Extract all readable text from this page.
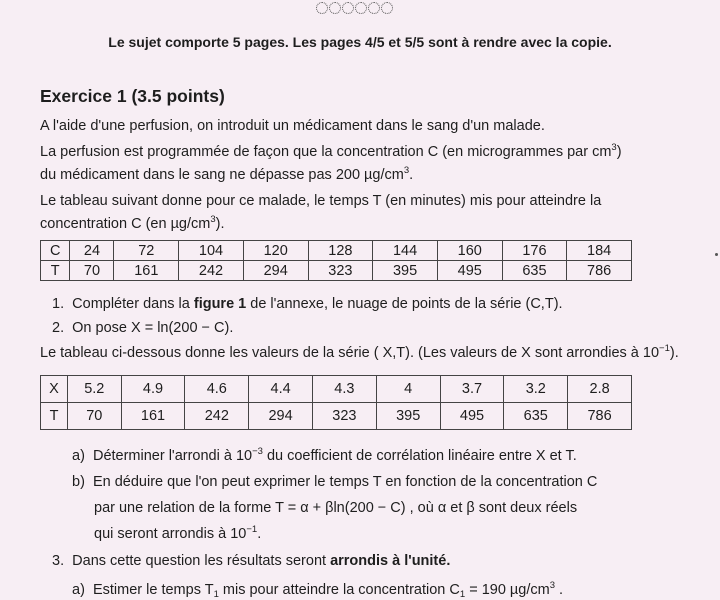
Le sujet comporte 5 pages. Les pages 4/5 et 5/5 sont à rendre avec la copie.
Exercice 1 (3.5 points)
A l'aide d'une perfusion, on introduit un médicament dans le sang d'un malade.
La perfusion est programmée de façon que la concentration C (en microgrammes par $cm^3$)
du médicament dans le sang ne dépasse pas 200 $\mu g/cm^3$.
Le tableau suivant donne pour ce malade, le temps T (en minutes) mis pour atteindre la
concentration C (en $\mu g/cm^3$).
C	24	72	104	120	128	144	160	176	184
T	70	161	242	294	323	395	495	635	786
1. Compléter dans la figure 1 de l'annexe, le nuage de points de la série (C,T).
2. On pose X = ln(200 − C).
Le tableau ci-dessous donne les valeurs de la série ( X,T). (Les valeurs de X sont arrondies à $10^{-1}$).
X	5.2	4.9	4.6	4.4	4.3	4	3.7	3.2	2.8
T	70	161	242	294	323	395	495	635	786
a) Déterminer l'arrondi à $10^{-3}$ du coefficient de corrélation linéaire entre X et T.
b) En déduire que l'on peut exprimer le temps T en fonction de la concentration C
par une relation de la forme T = α + βln(200 − C) , où α et β sont deux réels
qui seront arrondis à $10^{-1}$.
3. Dans cette question les résultats seront arrondis à l'unité.
a) Estimer le temps $T_1$ mis pour atteindre la concentration $C_1 = 190$ $\mu g/cm^3$ .
